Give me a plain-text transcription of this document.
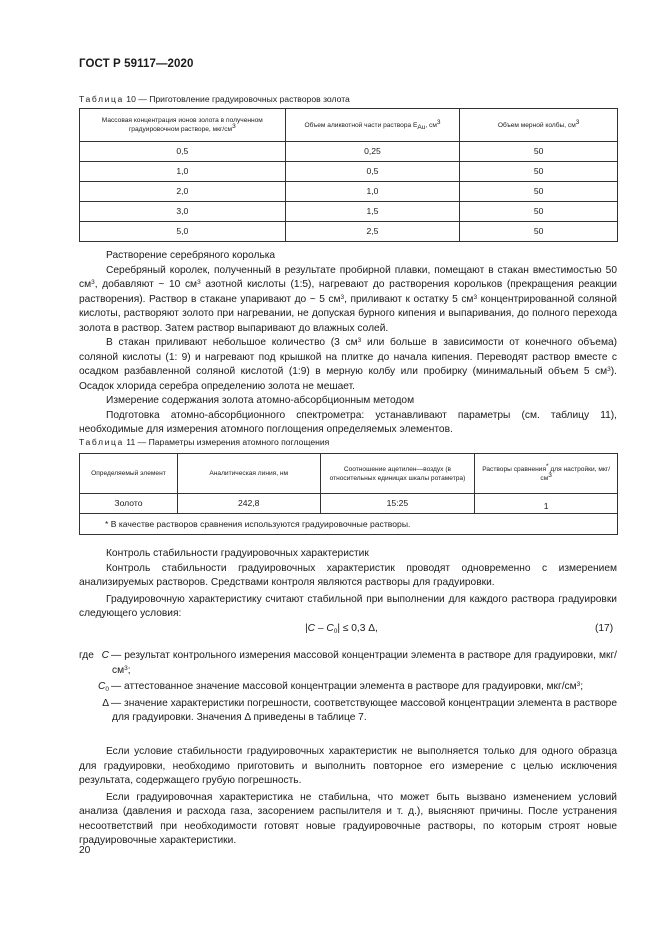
ГОСТ Р 59117—2020
Таблица 10 — Приготовление градуировочных растворов золота
Массовая концентрация ионов золота в полученном градуировочном растворе, мкг/$см^3$	Объем аликвотной части раствора $Е_{Au}$, $см^3$	Объем мерной колбы, $см^3$
0,5	0,25	50
1,0	0,5	50
2,0	1,0	50
3,0	1,5	50
5,0	2,5	50

Растворение серебряного королька

Серебряный королек, полученный в результате пробирной плавки, помещают в стакан вместимостью 50 $см^3$, добавляют ~ 10 $см^3$ азотной кислоты (1:5), нагревают до растворения корольков (прекращения реакции растворения). Раствор в стакане упаривают до ~ 5 $см^3$, приливают к остатку 5 $см^3$ концентрированной соляной кислоты, растворяют золото при нагревании, не допуская бурного кипения и выпаривания, до полного перехода золота в раствор. Затем раствор выпаривают до влажных солей.

В стакан приливают небольшое количество (3 $см^3$ или больше в зависимости от конечного объема) соляной кислоты (1: 9) и нагревают под крышкой на плитке до начала кипения. Переводят раствор вместе с осадком разбавленной соляной кислотой (1:9) в мерную колбу или пробирку (минимальный объем 5 $см^3$). Осадок хлорида серебра определению золота не мешает.

Измерение содержания золота атомно-абсорбционным методом

Подготовка атомно-абсорбционного спектрометра: устанавливают параметры (см. таблицу 11), необходимые для измерения атомного поглощения определяемых элементов.

Таблица 11 — Параметры измерения атомного поглощения
Определяемый элемент	Аналитическая линия, нм	Соотношение ацетилен—воздух (в относительных единицах шкалы ротаметра)	Растворы сравнения* для настройки, мкг/$см^3$
Золото	242,8	15:25	1
* В качестве растворов сравнения используются градуировочные растворы.			

Контроль стабильности градуировочных характеристик

Контроль стабильности градуировочных характеристик проводят одновременно с измерением анализируемых растворов. Средствами контроля являются растворы для градуировки.

Градуировочную характеристику считают стабильной при выполнении для каждого раствора градуировки следующего условия:

$|C - C_0| \le 0,3$ Δ,	(17)
где C — результат контрольного измерения массовой концентрации элемента в растворе для градуировки, мкг/$см^3$;
$C_0$ — аттестованное значение массовой концентрации элемента в растворе для градуировки, мкг/$см^3$;
Δ — значение характеристики погрешности, соответствующее массовой концентрации элемента в растворе для градуировки. Значения Δ приведены в таблице 7.

Если условие стабильности градуировочных характеристик не выполняется только для одного образца для градуировки, необходимо приготовить и выполнить повторное его измерение с целью исключения результата, содержащего грубую погрешность.

Если градуировочная характеристика не стабильна, что может быть вызвано изменением условий анализа (давления и расхода газа, засорением распылителя и т. д.), выясняют причины. После устранения несоответствий при необходимости готовят новые градуировочные растворы, по которым строят новые градуировочные характеристики.

20
